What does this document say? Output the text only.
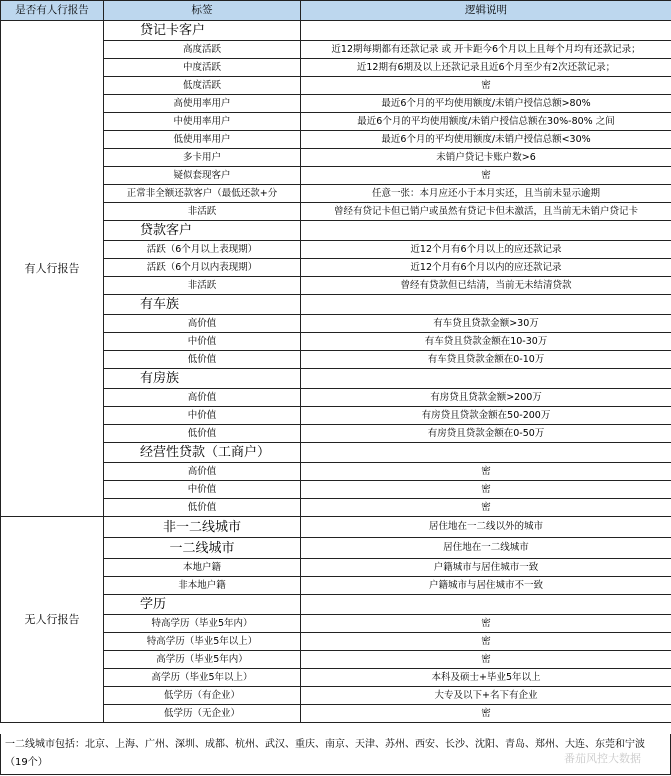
是否有人行报告	标签	逻辑说明
有人行报告	贷记卡客户	
	高度活跃	近12期每期都有还款记录 或 开卡距今6个月以上且每个月均有还款记录；
	中度活跃	近12期有6期及以上还款记录且近6个月至少有2次还款记录；
	低度活跃	密
	高使用率用户	最近6个月的平均使用额度/未销户授信总额>80%
	中使用率用户	最近6个月的平均使用额度/未销户授信总额在30%-80% 之间
	低使用率用户	最近6个月的平均使用额度/未销户授信总额<30%
	多卡用户	未销户贷记卡账户数>6
	疑似套现客户	密
	正常非全额还款客户（最低还款+分	任意一张：本月应还小于本月实还，且当前未显示逾期
	非活跃	曾经有贷记卡但已销户或虽然有贷记卡但未激活，且当前无未销户贷记卡
	贷款客户	
	活跃（6个月以上表现期）	近12个月有6个月以上的应还款记录
	活跃（6个月以内表现期）	近12个月有6个月以内的应还款记录
	非活跃	曾经有贷款但已结清，当前无未结清贷款
	有车族	
	高价值	有车贷且贷款金额>30万
	中价值	有车贷且贷款金额在10-30万
	低价值	有车贷且贷款金额在0-10万
	有房族	
	高价值	有房贷且贷款金额>200万
	中价值	有房贷且贷款金额在50-200万
	低价值	有房贷且贷款金额在0-50万
	经营性贷款（工商户）	
	高价值	密
	中价值	密
	低价值	密
无人行报告	非一二线城市	居住地在一二线以外的城市
	一二线城市	居住地在一二线城市
	本地户籍	户籍城市与居住城市一致
	非本地户籍	户籍城市与居住城市不一致
	学历	
	特高学历（毕业5年内）	密
	特高学历（毕业5年以上）	密
	高学历（毕业5年内）	密
	高学历（毕业5年以上）	本科及硕士+毕业5年以上
	低学历（有企业）	大专及以下+名下有企业
	低学历（无企业）	密
一二线城市包括：北京、上海、广州、深圳、成都、杭州、武汉、重庆、南京、天津、苏州、西安、长沙、沈阳、青岛、郑州、大连、东莞和宁波（19个）	番茄风控大数据
